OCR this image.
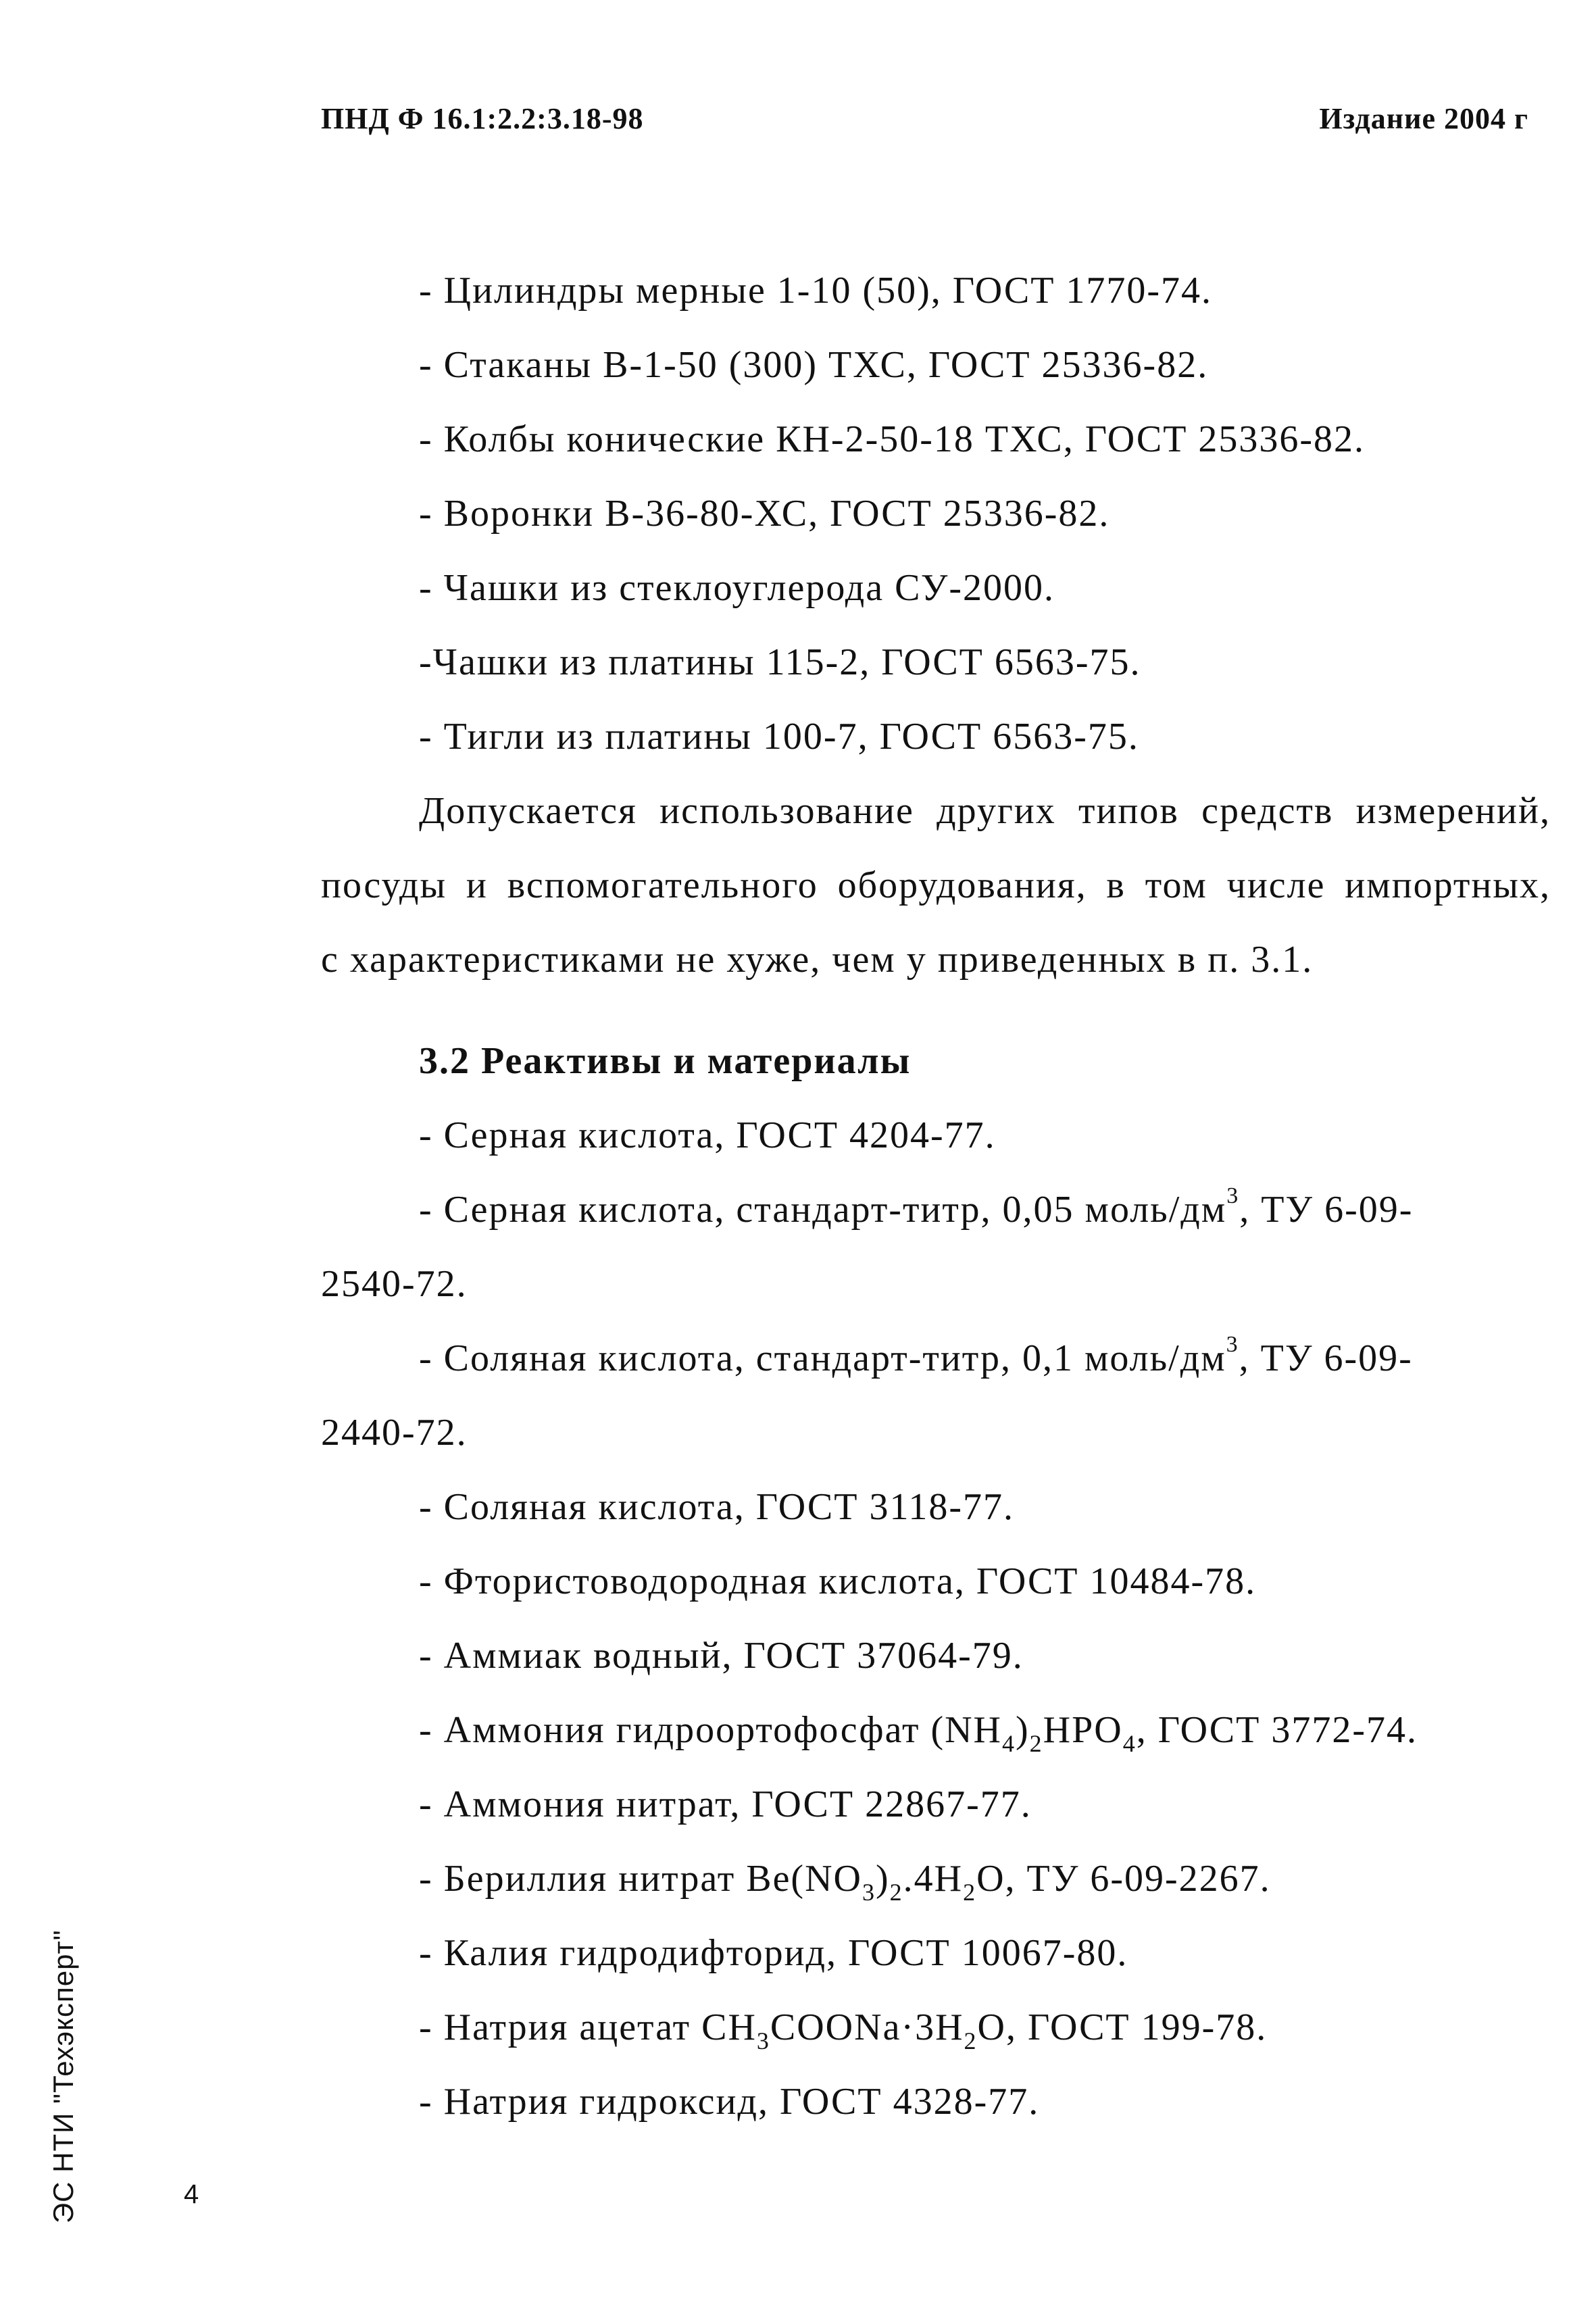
ПНД Ф 16.1:2.2:3.18-98	Издание 2004 г
- Цилиндры мерные 1-10 (50), ГОСТ 1770-74.
- Стаканы В-1-50 (300) ТХС, ГОСТ 25336-82.
- Колбы конические КН-2-50-18 ТХС, ГОСТ 25336-82.
- Воронки В-36-80-ХС, ГОСТ 25336-82.
- Чашки из стеклоуглерода СУ-2000.
-Чашки из платины 115-2, ГОСТ 6563-75.
- Тигли из платины 100-7, ГОСТ 6563-75.
Допускается использование других типов средств измерений,
посуды и вспомогательного оборудования, в том числе импортных,
с характеристиками не хуже, чем у приведенных в п. 3.1.
3.2 Реактивы и материалы
- Серная кислота, ГОСТ 4204-77.
- Серная кислота, стандарт-титр, 0,05 моль/$дм^3$, ТУ 6-09-
2540-72.
- Соляная кислота, стандарт-титр, 0,1 моль/$дм^3$, ТУ 6-09-
2440-72.
- Соляная кислота, ГОСТ 3118-77.
- Фтористоводородная кислота, ГОСТ 10484-78.
- Аммиак водный, ГОСТ 37064-79.
- Аммония гидроортофосфат $(NH_4)_2HPO_4$, ГОСТ 3772-74.
- Аммония нитрат, ГОСТ 22867-77.
- Бериллия нитрат $Be(NO_3)_2.4H_2O$, ТУ 6-09-2267.
- Калия гидродифторид, ГОСТ 10067-80.
- Натрия ацетат $CH_3COONa\cdot 3H_2O$, ГОСТ 199-78.
- Натрия гидроксид, ГОСТ 4328-77.
4
ЭС НТИ "Техэксперт"
